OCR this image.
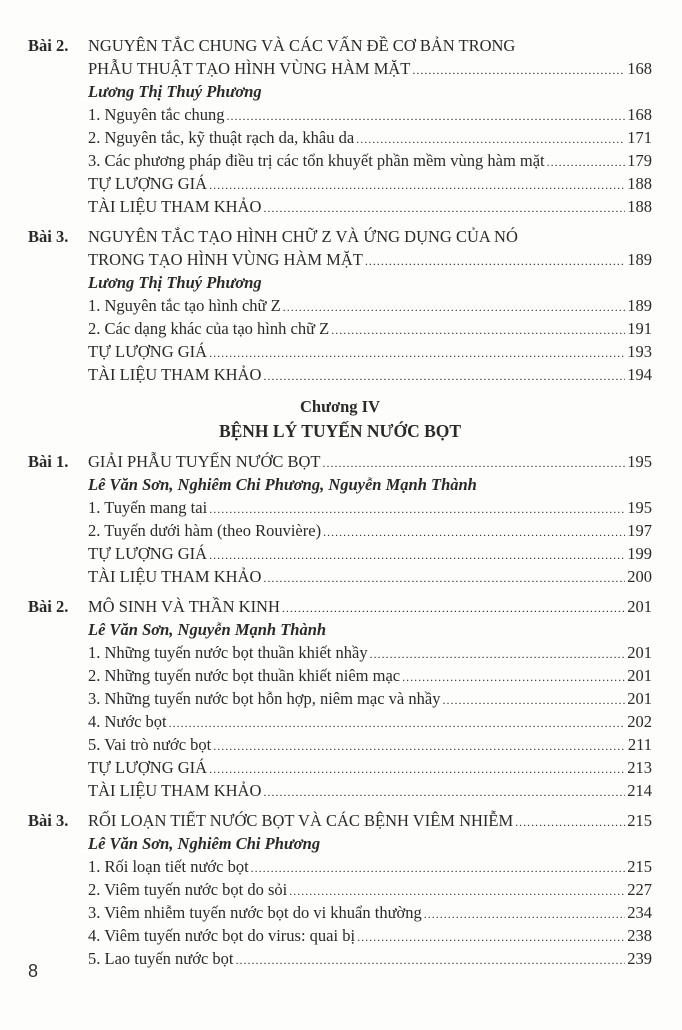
Bài 2.	NGUYÊN TẮC CHUNG VÀ CÁC VẤN ĐỀ CƠ BẢN TRONG
PHẪU THUẬT TẠO HÌNH VÙNG HÀM MẶT .....	168
Lương Thị Thuý Phương
1. Nguyên tắc chung .....	168
2. Nguyên tắc, kỹ thuật rạch da, khâu da .....	171
3. Các phương pháp điều trị các tổn khuyết phần mềm vùng hàm mặt .....	179
TỰ LƯỢNG GIÁ .....	188
TÀI LIỆU THAM KHẢO .....	188
Bài 3.	NGUYÊN TẮC TẠO HÌNH CHỮ Z VÀ ỨNG DỤNG CỦA NÓ
TRONG TẠO HÌNH VÙNG HÀM MẶT .....	189
Lương Thị Thuý Phương
1. Nguyên tắc tạo hình chữ Z .....	189
2. Các dạng khác của tạo hình chữ Z .....	191
TỰ LƯỢNG GIÁ .....	193
TÀI LIỆU THAM KHẢO .....	194
Chương IV
BỆNH LÝ TUYẾN NƯỚC BỌT
Bài 1.	GIẢI PHẪU TUYẾN NƯỚC BỌT .....	195
Lê Văn Sơn, Nghiêm Chi Phương, Nguyễn Mạnh Thành
1. Tuyến mang tai .....	195
2. Tuyến dưới hàm (theo Rouvière) .....	197
TỰ LƯỢNG GIÁ .....	199
TÀI LIỆU THAM KHẢO .....	200
Bài 2.	MÔ SINH VÀ THẦN KINH .....	201
Lê Văn Sơn, Nguyễn Mạnh Thành
1. Những tuyến nước bọt thuần khiết nhầy .....	201
2. Những tuyến nước bọt thuần khiết niêm mạc .....	201
3. Những tuyến nước bọt hỗn hợp, niêm mạc và nhầy .....	201
4. Nước bọt .....	202
5. Vai trò nước bọt .....	211
TỰ LƯỢNG GIÁ .....	213
TÀI LIỆU THAM KHẢO .....	214
Bài 3.	RỐI LOẠN TIẾT NƯỚC BỌT VÀ CÁC BỆNH VIÊM NHIỄM .....	215
Lê Văn Sơn, Nghiêm Chi Phương
1. Rối loạn tiết nước bọt .....	215
2. Viêm tuyến nước bọt do sỏi .....	227
3. Viêm nhiễm tuyến nước bọt do vi khuẩn thường .....	234
4. Viêm tuyến nước bọt do virus: quai bị .....	238
5. Lao tuyến nước bọt .....	239
8
